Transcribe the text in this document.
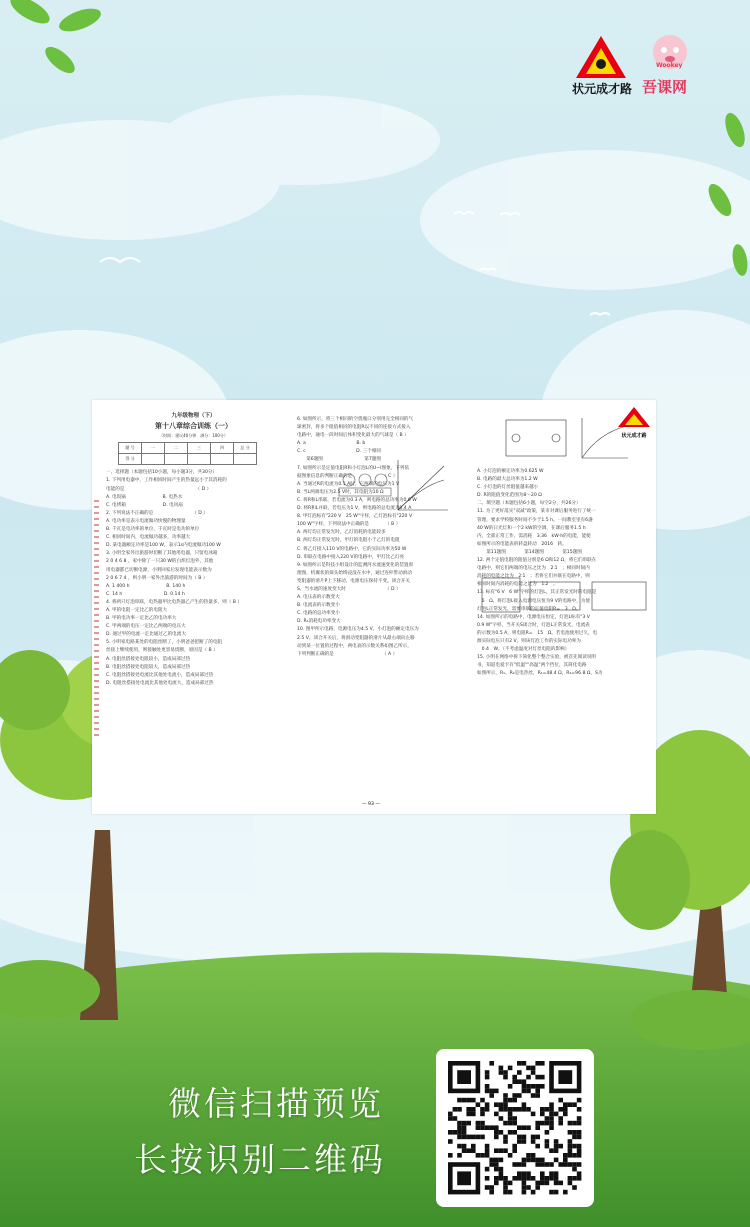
状元成才路
Wookey
吾课网
状元成才路
九年级物理（下）
第十八章综合训练（一）
（时间：建议40分钟　满分：100分）
题 号	一	二	三	四	总 分
得 分					

一、选择题（本题包括10小题，每小题3分，共30分）

1. 下列用电器中，工作相同时间产生的热量远小于其消耗的

电能的是　　　　　　　　　　　　　　　　（ D ）

A. 电饭锅　　　　　　　　B. 电热水

C. 电烤箱　　　　　　　　D. 电风扇

2. 下列说法不正确的是　　　　　　　　　（ D ）

A. 电功率是表示电流做功快慢的物理量

B. 千瓦是电功率的单位，千瓦时是电功的单位

C. 相同时间内，电流做功越多，功率越大

D. 某电器额定功率是100 W，表示1s内电流做功100 W

3. 小明全家外出旅游时切断了其他用电器，只留电冰箱

2 0 4 6 8 ，家中除了一只30 W的白炽灯泡外，其他

用电器都已切断电源，小明回家后发现电能表示数为

2 0 6 7 4 ，则小明一家外出旅游的时间为（ B ）

A. 1 400 h　　　　　　　　B. 140 h

C. 14 h　　　　　　　　　D. 0.14 h

4. 将两只灯泡串联，电热器甲比电热器乙产生的热量多，则（ B ）

A. 甲的电阻一定比乙的电阻大

B. 甲的电功率一定比乙的电功率大

C. 甲两端的电压一定比乙两端的电压大

D. 通过甲的电流一定比通过乙的电流大

5. 小明家电路某处的电阻丝断了，小明爸爸把断了的电阻

丝接上继续使用，则接触处更容易烧断，原因是（ B ）

A. 电阻丝搭接处电阻较小，造成局部过热

B. 电阻丝搭接处电阻较大，造成局部过热

C. 电阻丝搭接处电流比其他处电流小，造成局部过热

D. 电阻丝搭接处电流比其他处电流大，造成局部过热

6. 如图所示，将三个相同的空烧瓶口分别用完全相同的气

球密封，将多个阻值相同的电阻R以不同的连接方式接入

电路中，通电一段时间后体积变化最大的气球是（ B ）

A. a　　　　　　　　　　　B. b

C. c　　　　　　　　　　　D. 三个相同

　　第6题图　　　　　　　　　第7题图

7. 如图所示是定值电阻R和小灯泡L的U−I图象，下列依

据图象信息的判断正确的是　　　　　　　（ C ）

A. 当通过R的电流为0.1 A时，它两端的电压为1 V

B. 当L两端电压为2.5 V时，其电阻为10 Ω

C. 将R和L串联，若电流为0.3 A，则电路的总功率为0.6 W

D. 将R和L并联，若电压为1 V，则电路的总电流为0.4 A

8. 甲灯泡标有"220 V　25 W"字样，乙灯泡标有"220 V

100 W"字样，下列说法中正确的是　　　　（ B ）

A. 两灯均正常发光时，乙灯消耗的电能较多

B. 两灯均正常发光时，甲灯的电阻小于乙灯的电阻

C. 将乙灯接入110 V的电路中，它的实际功率为50 W

D. 串联在电路中接入220 V的电路中，甲灯比乙灯亮

9. 如图所示是科技小组设计的监测河水流速变化的装置原

理图，机翼状的探头始终浸没在水中，通过连杆带动滑动

变阻器的滑片P上下移动，电源电压保持不变。闭合开关

S，当水流的速度变大时　　　　　　　　　（ D ）

A. 电压表的示数变大

B. 电流表的示数变小

C. 电路的总功率变小

D. R₁消耗电功率变大

10. 图甲所示电路，电源电压为4.5 V，小灯泡的额定电压为

2.5 V。闭合开关后，将滑动变阻器的滑片从最右端向左移

动到某一位置的过程中，两电表的示数关系如图乙所示，

下列判断正确的是　　　　　　　　　　　（ A ）

A. 小灯泡的额定功率为0.625 W

B. 电路的最大总功率为1.2 W

C. 小灯泡的灯丝阻值越来越小

D. R的阻值变化范围为8～20 Ω

二、填空题（本题包括6小题，每空2分，共26分）

11. 为了更好落实"双减"政策，某市对课后服务进行了统一

管理，要求学校服务时间不少于1.5 h。一间教室里有6盏

40 W的日光灯和一个2 kW的空调，在课后服务1.5 h

内，全部正常工作，需消耗　3.36　kW·h的电能，能使

如图所示的电能表的转盘转动　2016　转。

　　第11题图　　　　第14题图　　　　第15题图

12. 两个定值电阻的阻值分别是6 Ω和12 Ω，将它们串联在

电路中，则它们两端的电压之比为　2∶1　；相同时间内

消耗的电能之比为　2∶1　；若将它们并联在电路中，则

相同时间内消耗的电能之比为　1∶2　。

13. 标有"6 V　6 W"字样的灯泡L，其正常发光时的电阻是

　6　Ω。将灯泡L接入电源电压恒为9 V的电路中，为使

灯泡L正常发光，需要串联的定值电阻R=　3　Ω。

14. 如图所示的电路中，电源电压恒定，灯泡L标有"3 V

0.9 W"字样，当开关S闭合时，灯泡L正常发光，电流表

的示数为0.5 A，则电阻R=　15　Ω。若电池使用过久，电

源实际电压只有2 V，则该灯泡工作的实际电功率为

　0.4　W。（不考虑温度对灯丝电阻的影响）

15. 小明在网络中拆下简化整个整合实验，被首先阅读说明

书，知道电爱卡有"低温""高温"两个挡位，其简化电路

如图所示，R₁、R₂是电热丝，R₁=48.4 Ω，R₂=96.8 Ω，S为

— 93 —
微信扫描预览
长按识别二维码
